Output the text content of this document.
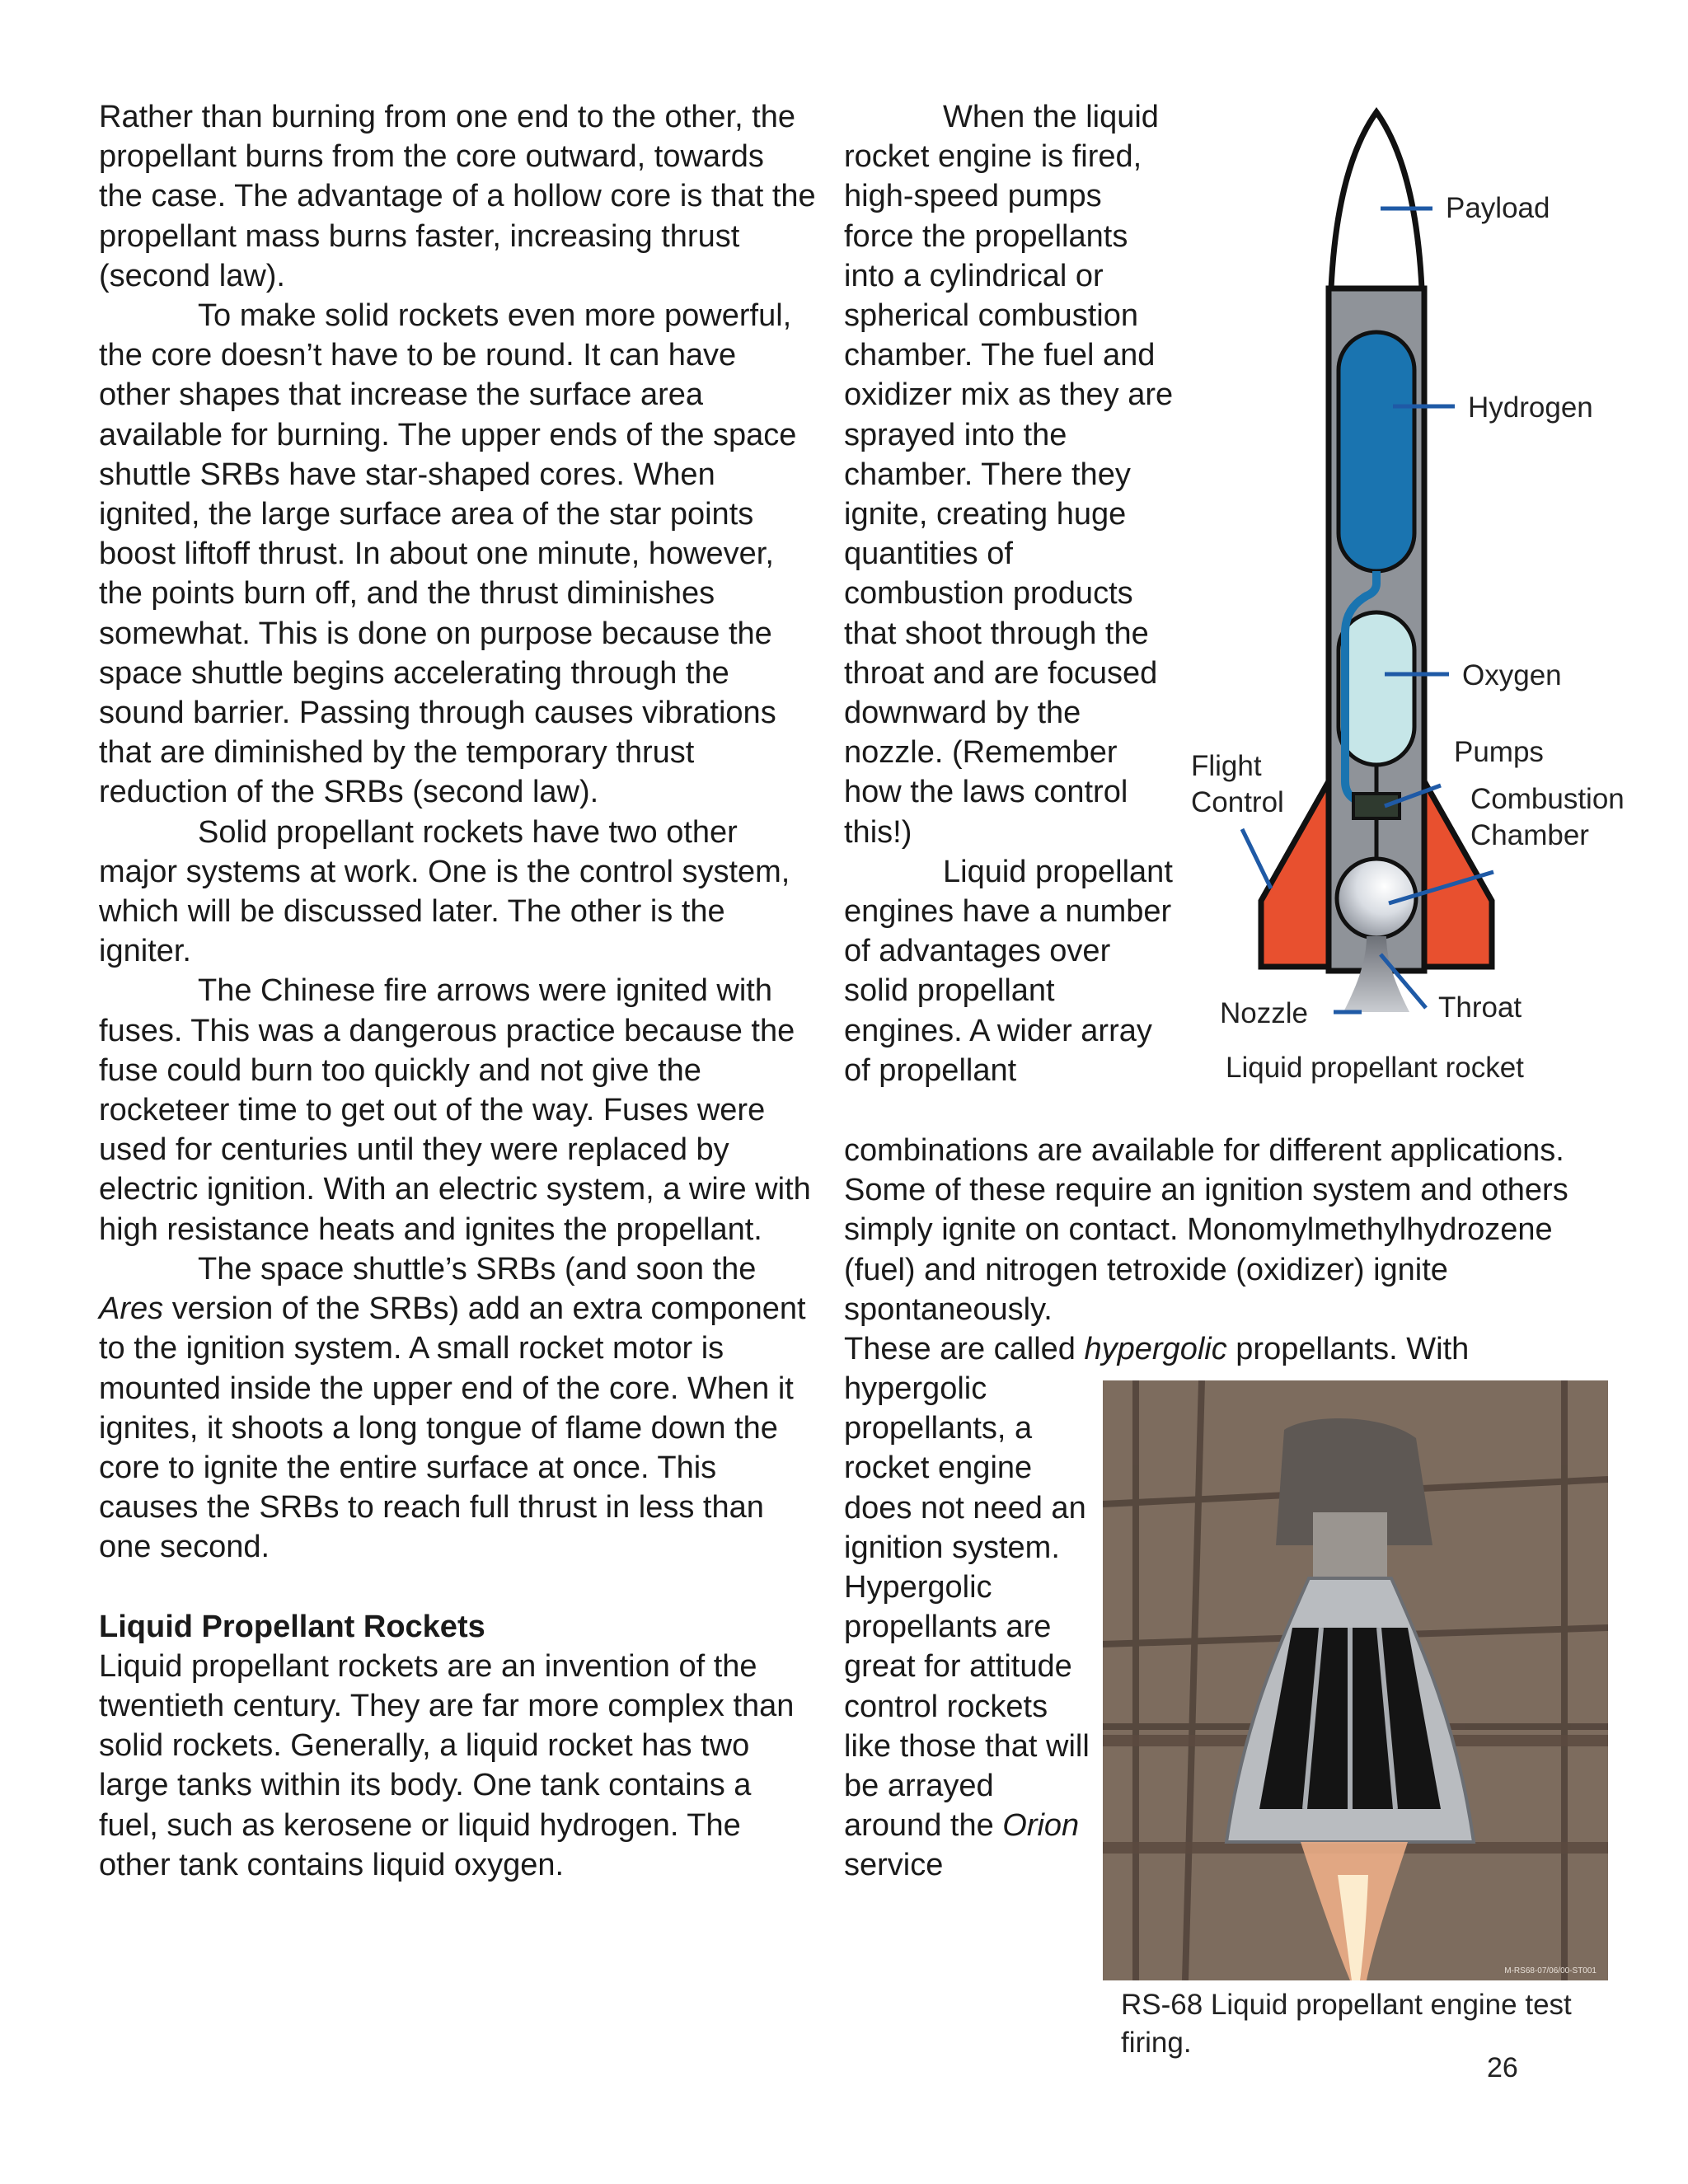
Rather than burning from one end to the other, the propellant burns from the core outward, towards the case. The advantage of a hollow core is that the propellant mass burns faster, increasing thrust (second law).

To make solid rockets even more powerful, the core doesn’t have to be round. It can have other shapes that increase the surface area available for burning. The upper ends of the space shuttle SRBs have star-shaped cores. When ignited, the large surface area of the star points boost liftoff thrust. In about one minute, however, the points burn off, and the thrust diminishes somewhat. This is done on purpose because the space shuttle begins accelerating through the sound barrier. Passing through causes vibrations that are diminished by the temporary thrust reduction of the SRBs (second law).

Solid propellant rockets have two other major systems at work. One is the control system, which will be discussed later. The other is the igniter.

The Chinese fire arrows were ignited with fuses. This was a dangerous practice because the fuse could burn too quickly and not give the rocketeer time to get out of the way. Fuses were used for centuries until they were replaced by electric ignition. With an electric system, a wire with high resistance heats and ignites the propellant.

The space shuttle’s SRBs (and soon the Ares version of the SRBs) add an extra component to the ignition system. A small rocket motor is mounted inside the upper end of the core. When it ignites, it shoots a long tongue of flame down the core to ignite the entire surface at once. This causes the SRBs to reach full thrust in less than one second.

Liquid Propellant Rockets

Liquid propellant rockets are an invention of the twentieth century. They are far more complex than solid rockets. Generally, a liquid rocket has two large tanks within its body. One tank contains a fuel, such as kerosene or liquid hydrogen. The other tank contains liquid oxygen.

When the liquid rocket engine is fired, high-speed pumps force the propellants into a cylindrical or spherical combustion chamber. The fuel and oxidizer mix as they are sprayed into the chamber. There they ignite, creating huge quantities of combustion products that shoot through the throat and are focused downward by the nozzle. (Remember how the laws control this!)

Liquid propellant engines have a number of advantages over solid propellant engines. A wider array of propellant

combinations are available for different applications. Some of these require an ignition system and others simply ignite on contact. Monomylmethylhydrozene (fuel) and nitrogen tetroxide (oxidizer) ignite spontaneously.

These are called hypergolic propellants. With

hypergolic propellants, a rocket engine does not need an ignition system. Hypergolic propellants are great for attitude control rockets like those that will be arrayed around the Orion service

Payload
Hydrogen
Oxygen
Flight
Control
Pumps
Combustion
Chamber
Nozzle	Throat
Liquid propellant rocket
M-RS68-07/06/00-ST001
RS-68 Liquid propellant engine test firing.
26
